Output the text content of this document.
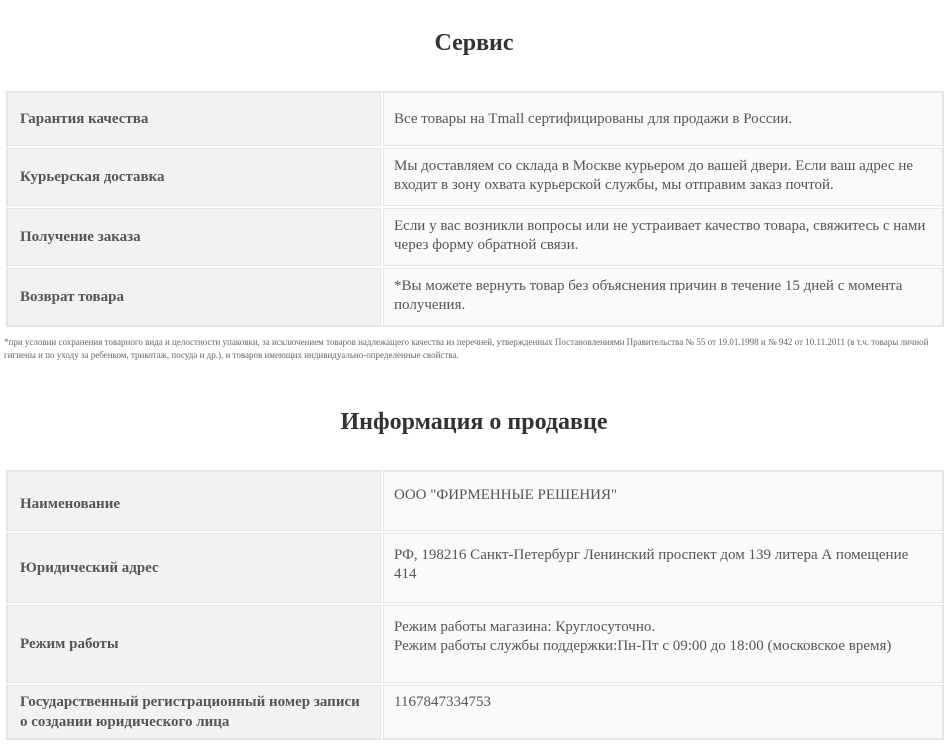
Сервис
Гарантия качества	Все товары на Tmall сертифицированы для продажи в России.
Курьерская доставка
Мы доставляем со склада в Москве курьером до вашей двери. Если ваш адрес не входит в зону охвата курьерской службы, мы отправим заказ почтой.
Получение заказа
Если у вас возникли вопросы или не устраивает качество товара, свяжитесь с нами через форму обратной связи.
Возврат товара
*Вы можете вернуть товар без объяснения причин в течение 15 дней с момента получения.
*при условии сохранения товарного вида и целостности упаковки, за исключением товаров надлежащего качества из перечней, утвержденных Постановлениями Правительства № 55 от 19.01.1998 и № 942 от 10.11.2011 (в т.ч. товары личной гигиены и по уходу за ребенком, трикотаж, посуда и др.), и товаров имеющих индивидуально-определенные свойства.
Информация о продавце
Наименование
ООО "ФИРМЕННЫЕ РЕШЕНИЯ"
Юридический адрес
РФ, 198216 Санкт-Петербург Ленинский проспект дом 139 литера А помещение 414
Режим работы
Режим работы магазина: Круглосуточно.
Режим работы службы поддержки:Пн-Пт с 09:00 до 18:00 (московское время)
Государственный регистрационный номер записи о создании юридического лица
1167847334753
